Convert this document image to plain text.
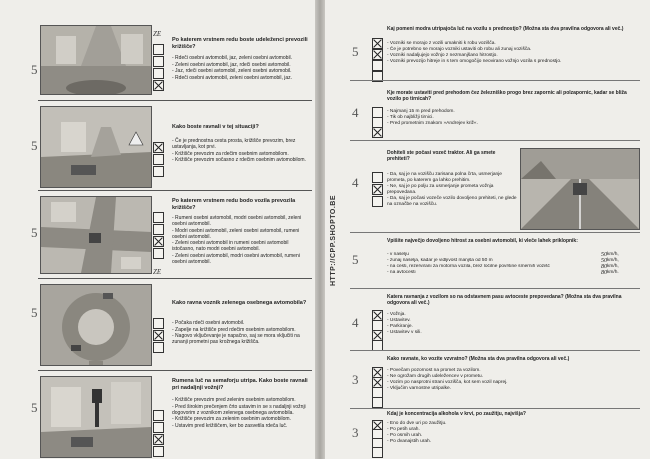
HTTP://CPP.SHOPTO.BE
5
ZE
Po katerem vrstnem redu boste udeleženci prevozili križišče?
- Rdeči osebni avtomobil, jaz, zeleni osebni avtomobil.
- Zeleni osebni avtomobil, jaz, rdeči osebni avtomobil.
- Jaz, rdeči osebni avtomobil, zeleni osebni avtomobil.
- Rdeči osebni avtomobil, zeleni osebni avtomobil, jaz.
5
Kako boste ravnali v tej situaciji?
- Če je prednostna cesta prosta, križišče prevozim, brez ustavljanja, kot prvi.
- Križišče prevozim za rdečim osebnim avtomobilom.
- Križišče prevozim sočasno z rdečim osebnim avtomobilom.
5
ZE
Po katerem vrstnem redu bodo vozila prevozila križišče?
- Rumeni osebni avtomobil, modri osebni avtomobil, zeleni osebni avtomobil.
- Modri osebni avtomobil, zeleni osebni avtomobil, rumeni osebni avtomobil.
- Zeleni osebni avtomobil in rumeni osebni avtomobil istočasno, nato modri osebni avtomobil.
- Zeleni osebni avtomobil, modri osebni avtomobil, rumeni osebni avtomobil.
5
Kako ravna voznik zelenega osebnega avtomobila?
- Počaka rdeči osebni avtomobil.
- Zapelje na križišče pred rdečim osebnim avtomobilom.
- Nagovo vključevanje je napačno, saj se mora vključiti na zunanji prometni pas krožnega križišča.
5
Rumena luč na semaforju utripa. Kako boste ravnali pri nadaljnji vožnji?
- Križišče prevozim pred zelenim osebnim avtomobilom.
- Pred širokim prečenjem črto ustavim in se s nadaljnji vožnji dogovorim z voznikom zelenega osebnega avtomobila.
- Križišče prevozim za zelenim osebnim avtomobilom.
- Ustavim pred križiščem, ker bo zasvetila rdeča luč.
5
Kaj pomeni modra utripajoča luč na vozilu s prednostjo? (Možna sta dva pravilna odgovora ali več.)
- Vozniki se morajo z vozili umakniti k robu vozišča.
- Če je potrebno se morajo vozniki ustaviti ob robu ali zunaj vozišča.
- Vozniki nadaljujejo vožnjo z nezmanjšano hitrostjo.
- Vozniki prevozijo hitreje in s tem omogočijo neovirano vožnjo vozila s prednostjo.
4
Kje morate ustaviti pred prehodom čez železniško progo brez zapornic ali polzapornic, kadar se bliža vozilo po tirnicah?
- Najmanj 15 m pred prehodom.
- Tik ob najbližji tirnici.
- Pred prometnim znakom »Andrejev križ«.
4
Dohiteli ste počasi vozeč traktor. Ali ga smete prehiteti?
- Da, saj je na vozišču zarisana polna črta, usmerjanje prometa, po katerem ga lahko prehitim.
- Ne, saj je po polju za usmerjanje prometa vožnja prepovedana.
- Da, saj je počasi vozeče vozilo dovoljeno prehiteti, ne glede na označbe na vozišču.
5
Vpišite največjo dovoljeno hitrost za osebni avtomobil, ki vleče lahek priklopnik:
- v naselju	50 km/h,
- zunaj naselja, kadar je vidljivost manjša od 50 m	50 km/h,
- na cesti, rezervirani za motorna vozila, brez ločilne površine smernih vozišč	80 km/h,
- na avtocesti	80 km/h.
4
Katera ravnanja z vozilom so na odstavnem pasu avtoceste prepovedana? (Možna sta dva pravilna odgovora ali več.)
- Vožnja.
- Ustavitev.
- Parkiranje.
- Ustavitev v sili.
3
Kako ravnate, ko vozite vzvratno? (Možna sta dva pravilna odgovora ali več.)
- Povečam pozornost na promet za vozilom.
- Ne ogrožam drugih udeležencev v prometu.
- Vozim po nasprotni strani vozišča, kot sem vozil naprej.
- Vključim varnostne utripalke.
3
Kdaj je koncentracija alkohola v krvi, po zaužitju, najvišja?
- Eno do dve uri po zaužitju.
- Po petih urah.
- Po osmih urah.
- Po dvanajstih urah.
